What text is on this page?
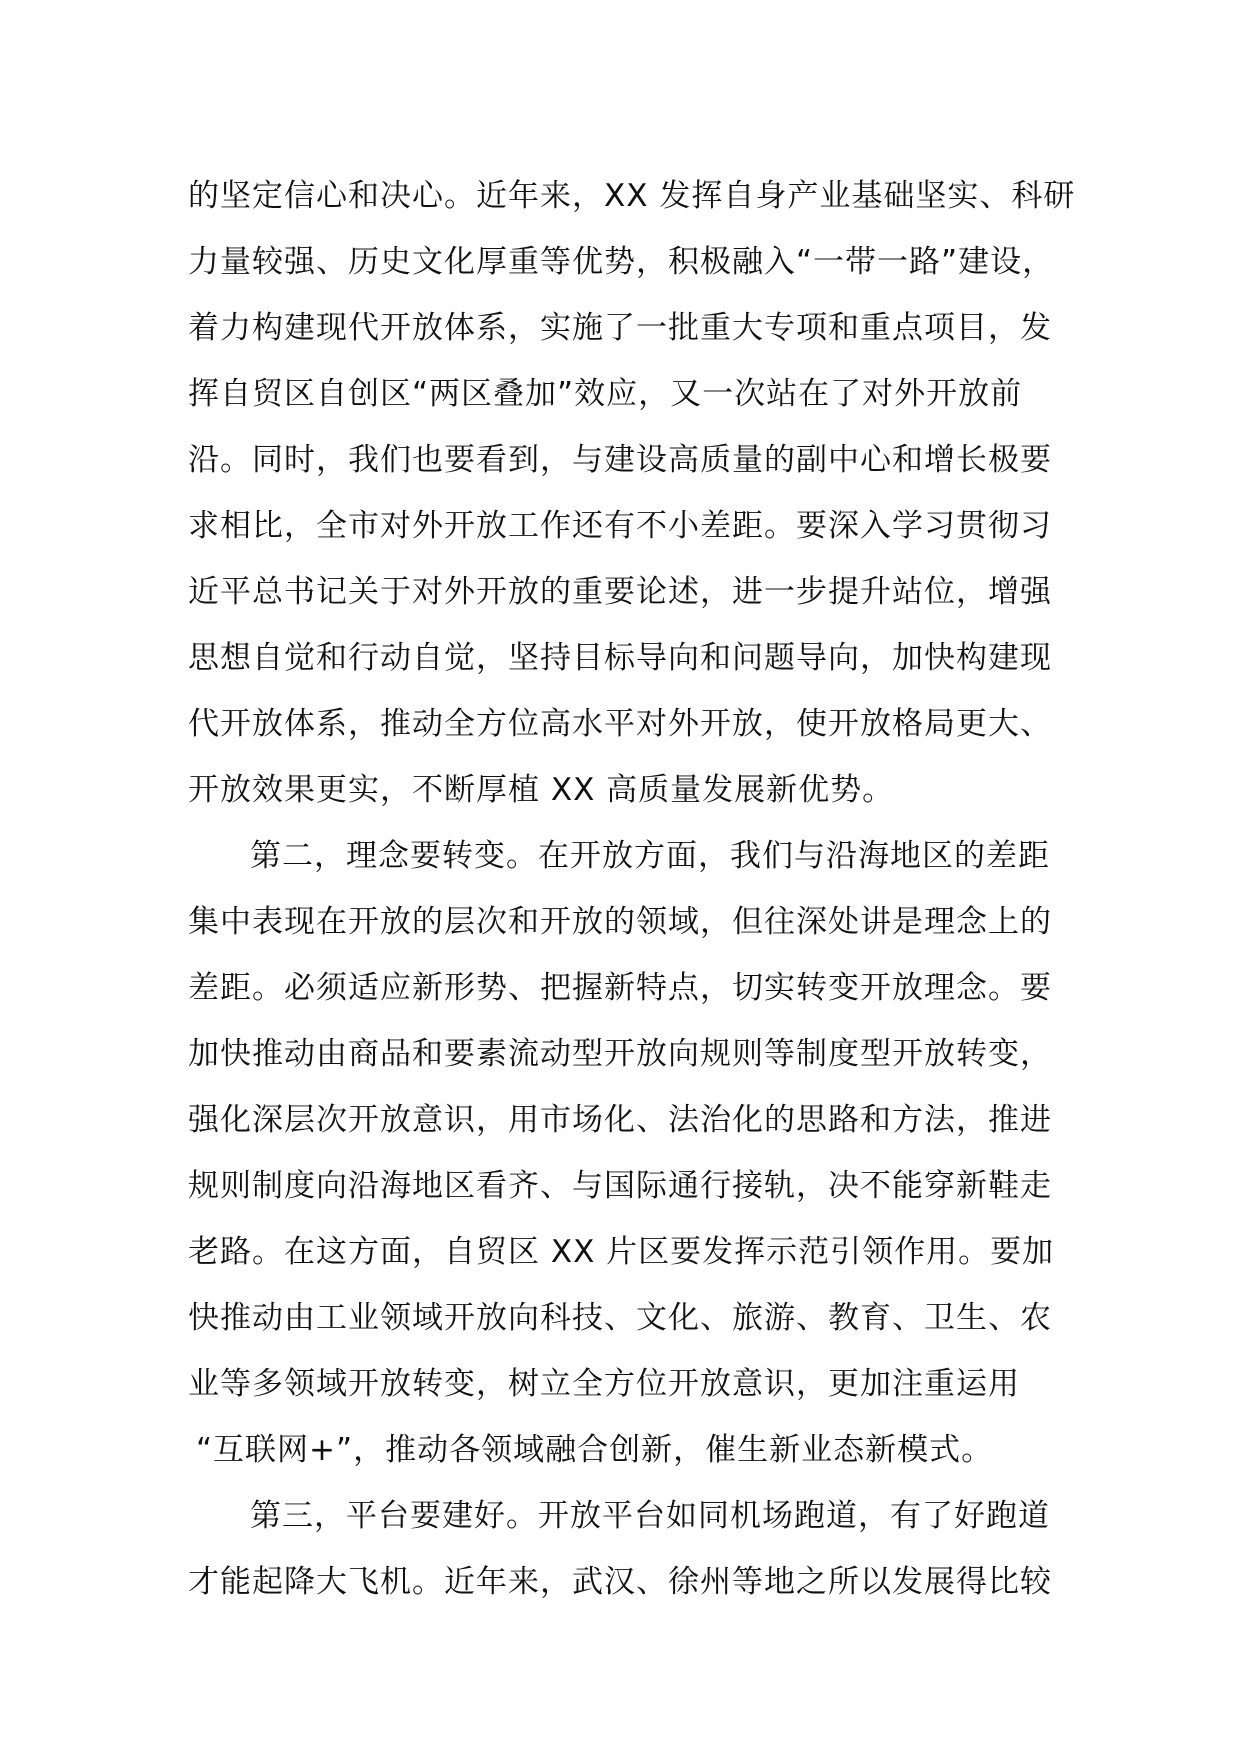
的坚定信心和决心。近年来，XX 发挥自身产业基础坚实、科研
力量较强、历史文化厚重等优势，积极融入“一带一路”建设，
着力构建现代开放体系，实施了一批重大专项和重点项目，发
挥自贸区自创区“两区叠加”效应，又一次站在了对外开放前
沿。同时，我们也要看到，与建设高质量的副中心和增长极要
求相比，全市对外开放工作还有不小差距。要深入学习贯彻习
近平总书记关于对外开放的重要论述，进一步提升站位，增强
思想自觉和行动自觉，坚持目标导向和问题导向，加快构建现
代开放体系，推动全方位高水平对外开放，使开放格局更大、
开放效果更实，不断厚植 XX 高质量发展新优势。
第二，理念要转变。在开放方面，我们与沿海地区的差距
集中表现在开放的层次和开放的领域，但往深处讲是理念上的
差距。必须适应新形势、把握新特点，切实转变开放理念。要
加快推动由商品和要素流动型开放向规则等制度型开放转变，
强化深层次开放意识，用市场化、法治化的思路和方法，推进
规则制度向沿海地区看齐、与国际通行接轨，决不能穿新鞋走
老路。在这方面，自贸区 XX 片区要发挥示范引领作用。要加
快推动由工业领域开放向科技、文化、旅游、教育、卫生、农
业等多领域开放转变，树立全方位开放意识，更加注重运用
“互联网+”，推动各领域融合创新，催生新业态新模式。
第三，平台要建好。开放平台如同机场跑道，有了好跑道
才能起降大飞机。近年来，武汉、徐州等地之所以发展得比较
